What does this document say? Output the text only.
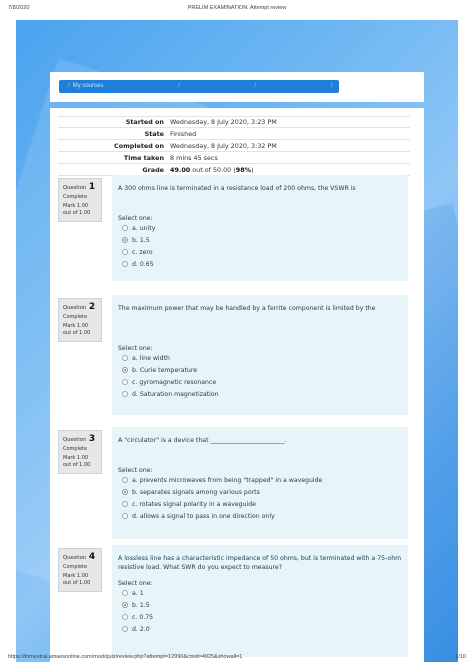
7/8/2020	PRELIM EXAMINATION: Attempt review
/ My courses	/	/	/
Started on Wednesday, 8 July 2020, 3:23 PM
State Finished
Completed on Wednesday, 8 July 2020, 3:32 PM
Time taken 8 mins 45 secs
Grade 49.00 out of 50.00 (98%)
Question 1
Complete
Mark 1.00 out of 1.00
A 300 ohms line is terminated in a resistance load of 200 ohms, the VSWR is
Select one:
a. unity
b. 1.5
c. zero
d. 0.65
Question 2
Complete
Mark 1.00 out of 1.00
The maximum power that may be handled by a ferrite component is limited by the
Select one:
a. line width
b. Curie temperature
c. gyromagnetic resonance
d. Saturation magnetization
Question 3
Complete
Mark 1.00 out of 1.00
A "circulator" is a device that ________________________.
Select one:
a. prevents microwaves from being "trapped" in a waveguide
b. separates signals among various ports
c. rotates signal polarity in a waveguide
d. allows a signal to pass in one direction only
Question 4
Complete
Mark 1.00 out of 1.00
A lossless line has a characteristic impedance of 50 ohms, but is terminated with a 75-ohm resistive load. What SWR do you expect to measure?
Select one:
a. 1
b. 1.5
c. 0.75
d. 2.0
https://trimestral.amaesonline.com/mod/quiz/review.php?attempt=12990&cmid=4925&showall=1	1/10
